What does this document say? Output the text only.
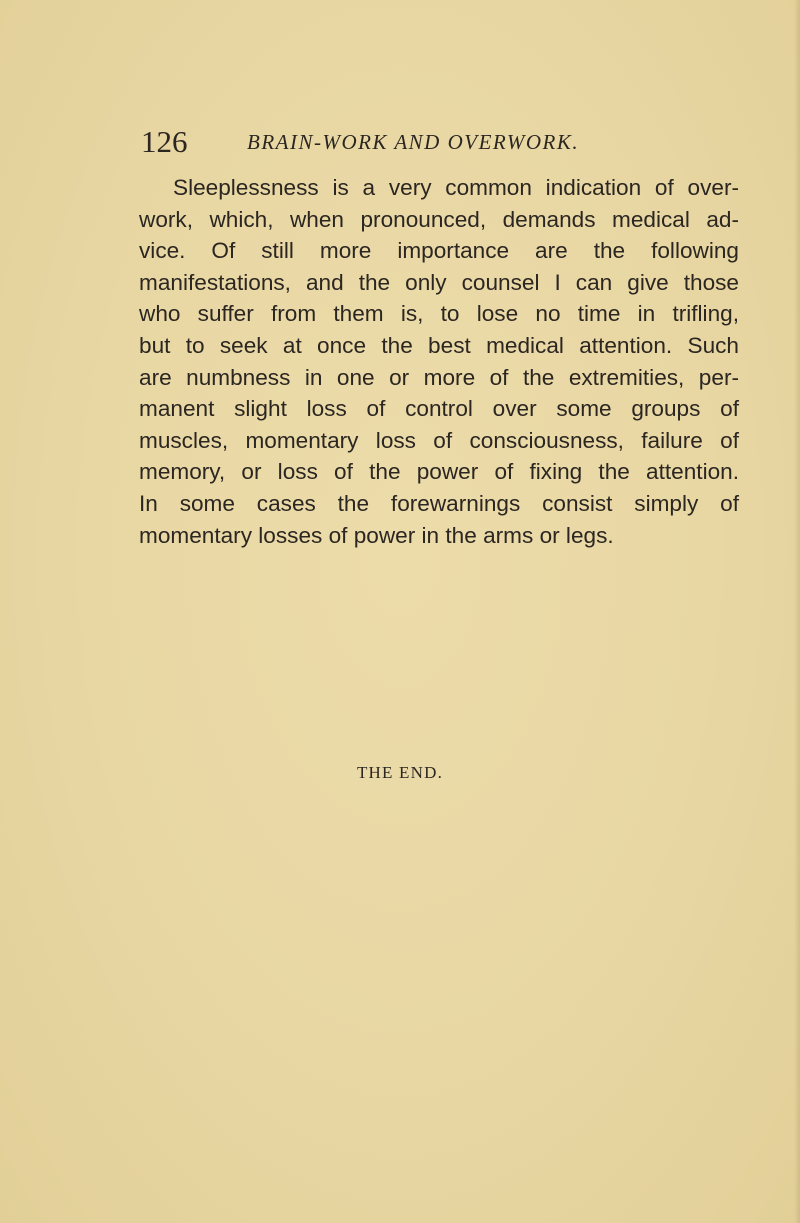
126	BRAIN-WORK AND OVERWORK.

Sleeplessness is a very common indication of over-
work, which, when pronounced, demands medical ad-
vice. Of still more importance are the following
manifestations, and the only counsel I can give those
who suffer from them is, to lose no time in trifling,
but to seek at once the best medical attention. Such
are numbness in one or more of the extremities, per-
manent slight loss of control over some groups of
muscles, momentary loss of consciousness, failure of
memory, or loss of the power of fixing the attention.
In some cases the forewarnings consist simply of
momentary losses of power in the arms or legs.

THE END.
